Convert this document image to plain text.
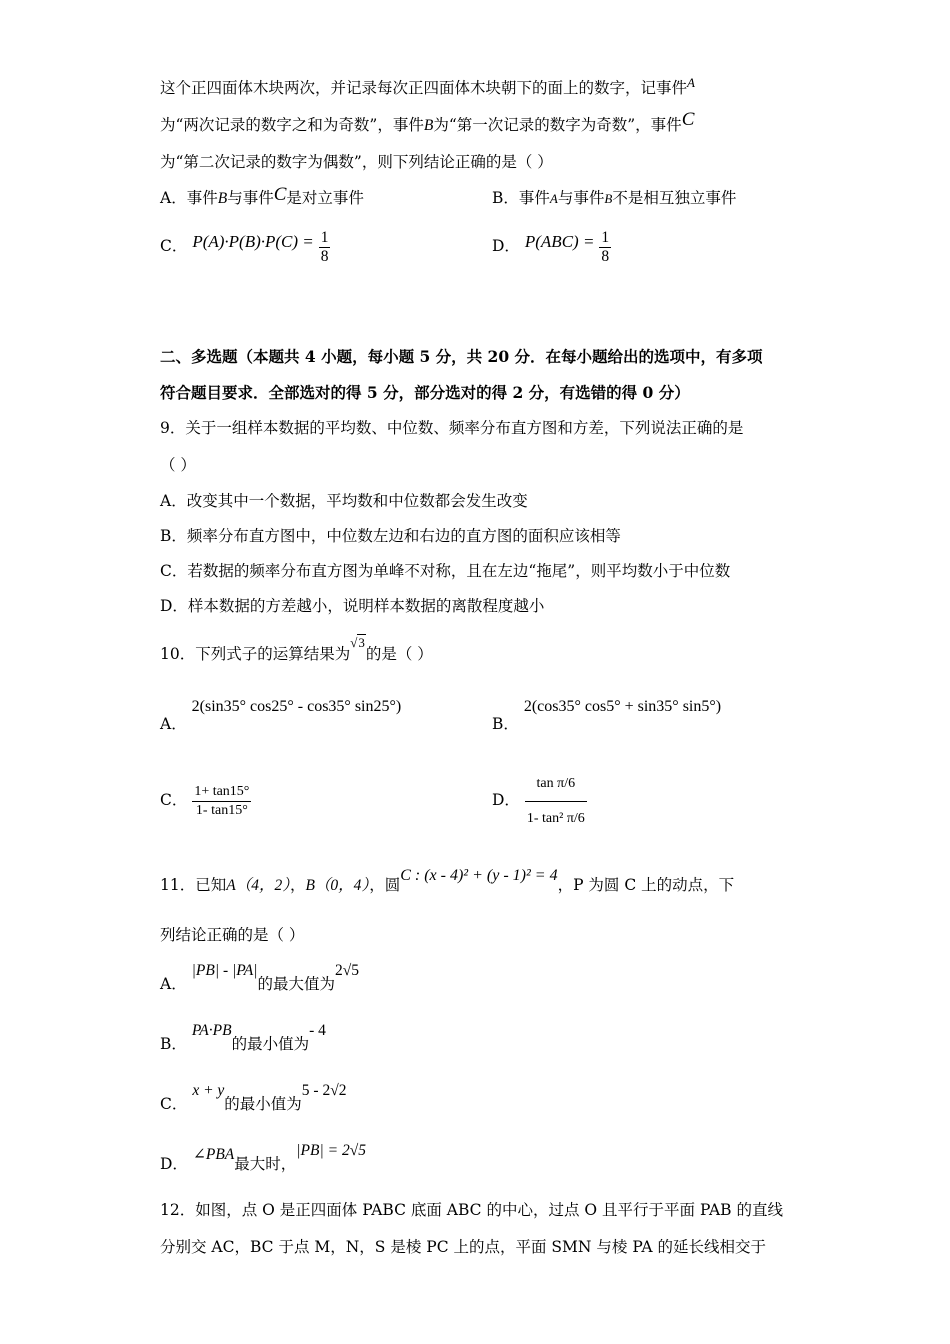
这个正四面体木块两次，并记录每次正四面体木块朝下的面上的数字，记事件$^A$
为“两次记录的数字之和为奇数”，事件B为“第一次记录的数字为奇数”，事件C
为“第二次记录的数字为偶数”，则下列结论正确的是（ ）
A．事件B与事件C是对立事件	B．事件A与事件B不是相互独立事件
C． $P(A)\cdot P(B)\cdot P(C) = \frac{1}{8}$	D． $P(ABC) = \frac{1}{8}$
二、多选题（本题共 4 小题，每小题 5 分，共 20 分．在每小题给出的选项中，有多项
符合题目要求．全部选对的得 5 分，部分选对的得 2 分，有选错的得 0 分）
9．关于一组样本数据的平均数、中位数、频率分布直方图和方差，下列说法正确的是
（ ）
A．改变其中一个数据，平均数和中位数都会发生改变
B．频率分布直方图中，中位数左边和右边的直方图的面积应该相等
C．若数据的频率分布直方图为单峰不对称，且在左边“拖尾”，则平均数小于中位数
D．样本数据的方差越小，说明样本数据的离散程度越小
10．下列式子的运算结果为$^{√3}$的是（ ）
A． 2(sin35° cos25° - cos35° sin25°)
B． 2(cos35° cos5° + sin35° sin5°)
C． $\frac{1+ \tan 15^\circ}{1- \tan 15^\circ}$	D． $\frac{\text{tan π/6}}{\text{1- tan² π/6}}$
11．已知A（4，2），B（0，4），圆C : (x - 4)² + (y - 1)² = 4，P 为圆 C 上的动点，下
列结论正确的是（ ）
A． |PB| - |PA|的最大值为2√5
B． PA·PB的最小值为- 4
C． x + y的最小值为5 - 2√2
D． ∠PBA最大时，|PB| = 2√5
12．如图，点 O 是正四面体 PABC 底面 ABC 的中心，过点 O 且平行于平面 PAB 的直线
分别交 AC，BC 于点 M，N，S 是棱 PC 上的点，平面 SMN 与棱 PA 的延长线相交于
